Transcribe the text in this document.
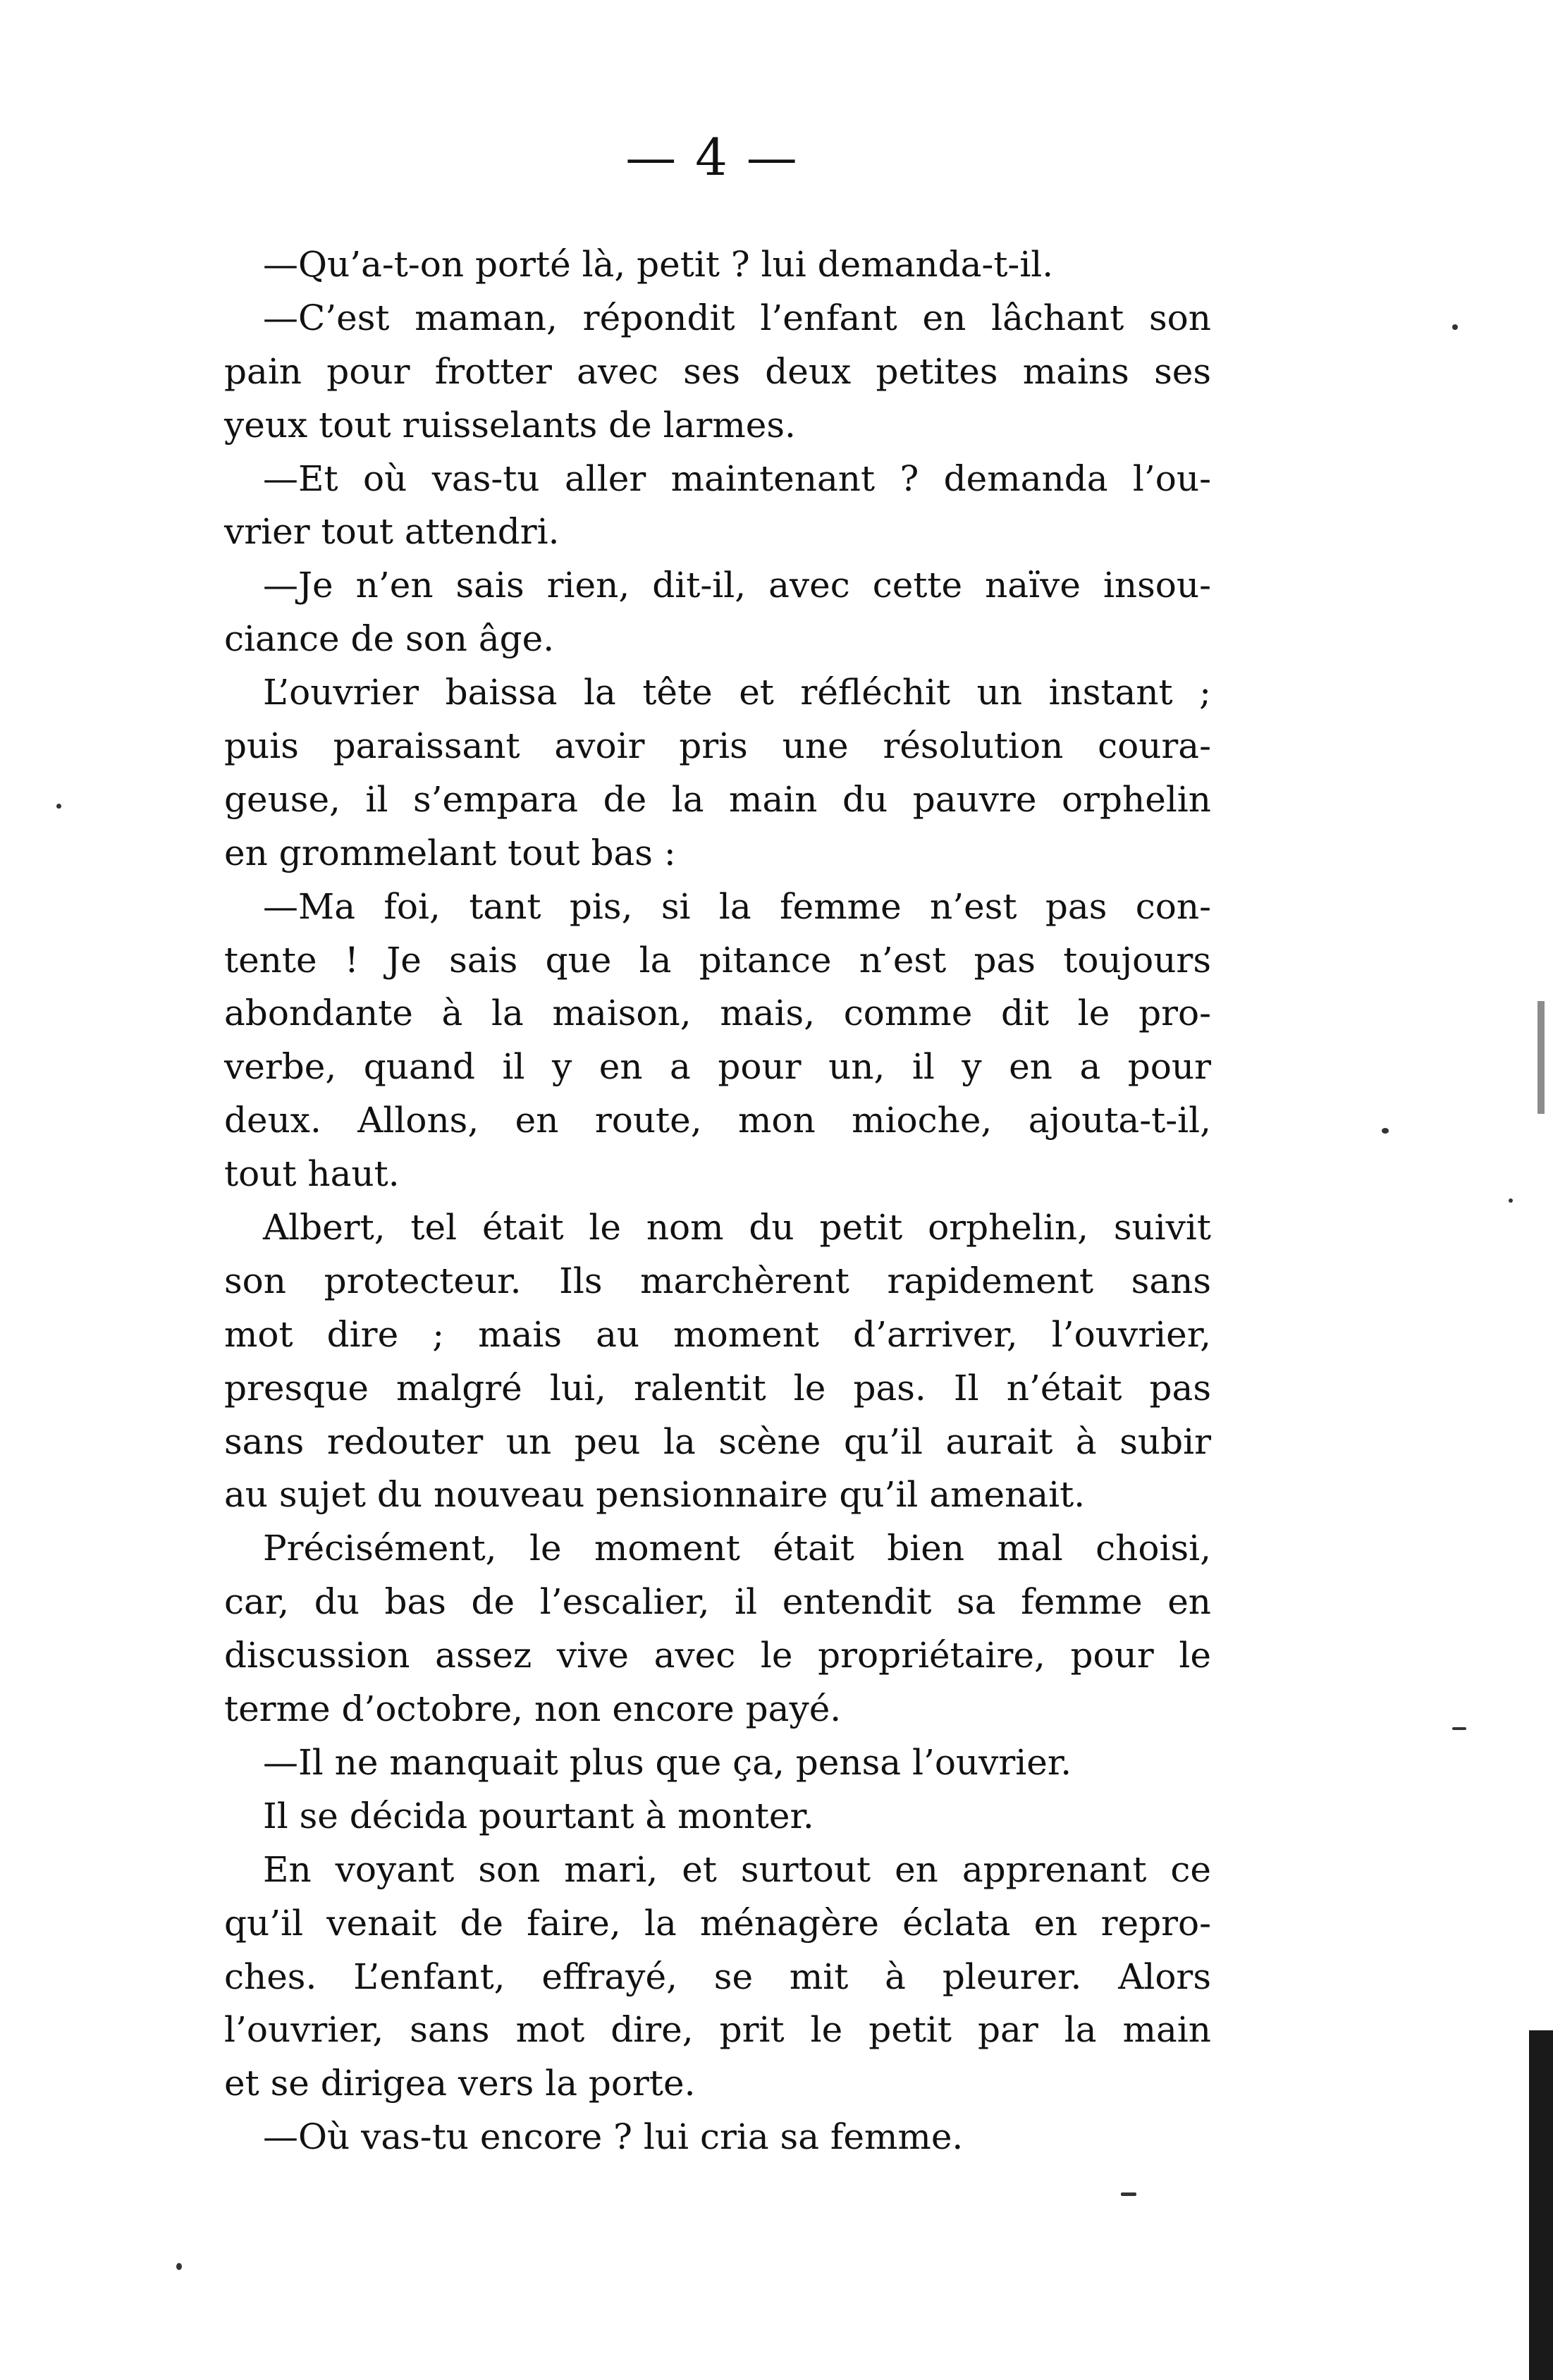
— 4 —
—Qu’a-t-on porté là, petit ? lui demanda-t-il.
—C’est maman, répondit l’enfant en lâchant son
pain pour frotter avec ses deux petites mains ses
yeux tout ruisselants de larmes.
—Et où vas-tu aller maintenant ? demanda l’ou-
vrier tout attendri.
—Je n’en sais rien, dit-il, avec cette naïve insou-
ciance de son âge.
L’ouvrier baissa la tête et réfléchit un instant ;
puis paraissant avoir pris une résolution coura-
geuse, il s’empara de la main du pauvre orphelin
en grommelant tout bas :
—Ma foi, tant pis, si la femme n’est pas con-
tente ! Je sais que la pitance n’est pas toujours
abondante à la maison, mais, comme dit le pro-
verbe, quand il y en a pour un, il y en a pour
deux. Allons, en route, mon mioche, ajouta-t-il,
tout haut.
Albert, tel était le nom du petit orphelin, suivit
son protecteur. Ils marchèrent rapidement sans
mot dire ; mais au moment d’arriver, l’ouvrier,
presque malgré lui, ralentit le pas. Il n’était pas
sans redouter un peu la scène qu’il aurait à subir
au sujet du nouveau pensionnaire qu’il amenait.
Précisément, le moment était bien mal choisi,
car, du bas de l’escalier, il entendit sa femme en
discussion assez vive avec le propriétaire, pour le
terme d’octobre, non encore payé.
—Il ne manquait plus que ça, pensa l’ouvrier.
Il se décida pourtant à monter.
En voyant son mari, et surtout en apprenant ce
qu’il venait de faire, la ménagère éclata en repro-
ches. L’enfant, effrayé, se mit à pleurer. Alors
l’ouvrier, sans mot dire, prit le petit par la main
et se dirigea vers la porte.
—Où vas-tu encore ? lui cria sa femme.
